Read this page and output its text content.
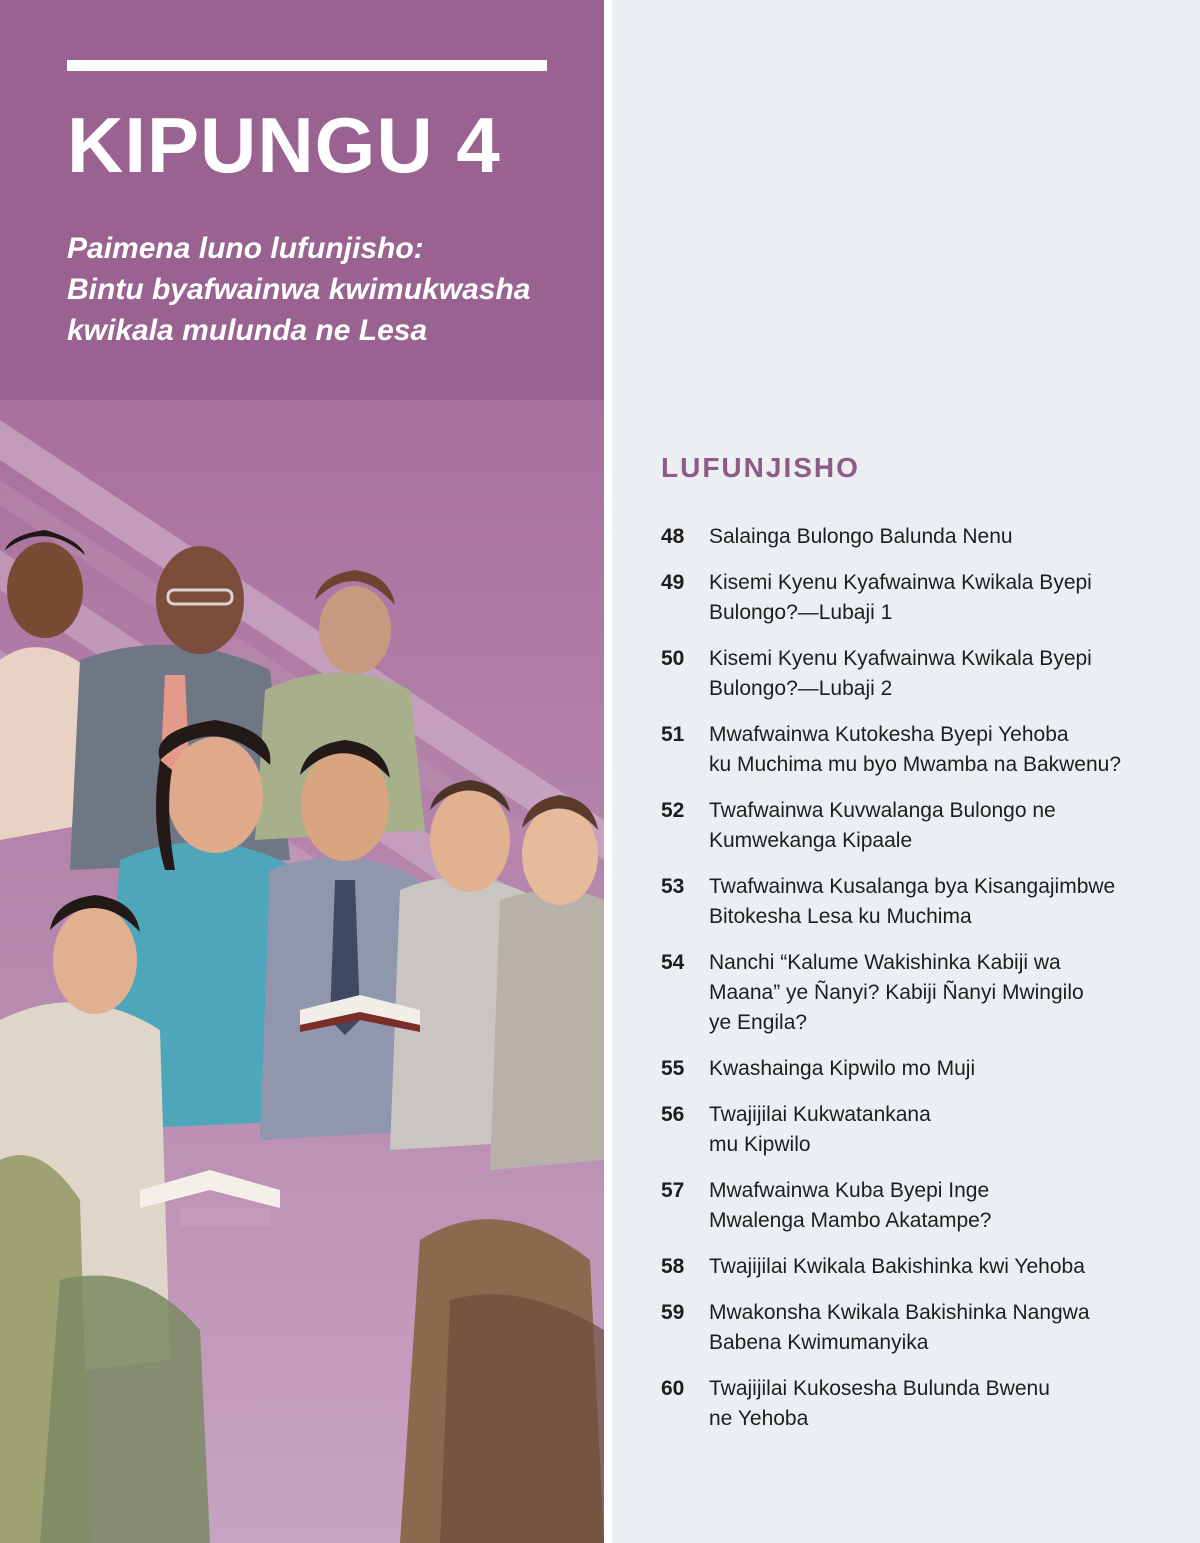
KIPUNGU 4

Paimena luno lufunjisho:
Bintu byafwainwa kwimukwasha
kwikala mulunda ne Lesa

LUFUNJISHO
48	Salainga Bulongo Balunda Nenu
49	Kisemi Kyenu Kyafwainwa Kwikala Byepi
Bulongo?—Lubaji 1
50	Kisemi Kyenu Kyafwainwa Kwikala Byepi
Bulongo?—Lubaji 2
51	Mwafwainwa Kutokesha Byepi Yehoba
ku Muchima mu byo Mwamba na Bakwenu?
52	Twafwainwa Kuvwalanga Bulongo ne
Kumwekanga Kipaale
53	Twafwainwa Kusalanga bya Kisangajimbwe
Bitokesha Lesa ku Muchima
54	Nanchi “Kalume Wakishinka Kabiji wa
Maana” ye Ñanyi? Kabiji Ñanyi Mwingilo
ye Engila?
55	Kwashainga Kipwilo mo Muji
56	Twajijilai Kukwatankana
mu Kipwilo
57	Mwafwainwa Kuba Byepi Inge
Mwalenga Mambo Akatampe?
58	Twajijilai Kwikala Bakishinka kwi Yehoba
59	Mwakonsha Kwikala Bakishinka Nangwa
Babena Kwimumanyika
60	Twajijilai Kukosesha Bulunda Bwenu
ne Yehoba
